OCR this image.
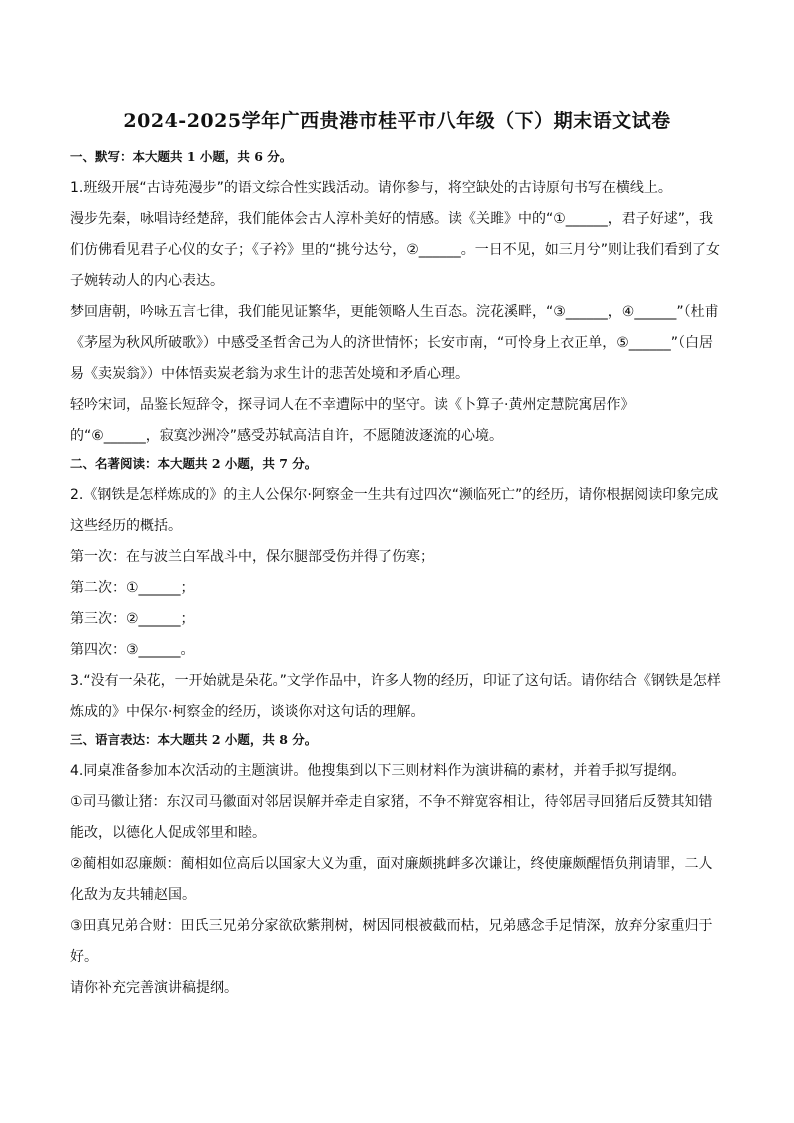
2024-2025学年广西贵港市桂平市八年级（下）期末语文试卷
一、默写：本大题共 1 小题，共 6 分。

1.班级开展“古诗苑漫步”的语文综合性实践活动。请你参与，将空缺处的古诗原句书写在横线上。

漫步先秦，咏唱诗经楚辞，我们能体会古人淳朴美好的情感。读《关雎》中的“①______，君子好逑”，我们仿佛看见君子心仪的女子；《子衿》里的“挑兮达兮，②______。一日不见，如三月兮”则让我们看到了女子婉转动人的内心表达。

梦回唐朝，吟咏五言七律，我们能见证繁华，更能领略人生百态。浣花溪畔，“③______，④______”（杜甫《茅屋为秋风所破歌》）中感受圣哲舍己为人的济世情怀；长安市南，“可怜身上衣正单，⑤______”（白居易《卖炭翁》）中体悟卖炭老翁为求生计的悲苦处境和矛盾心理。

轻吟宋词，品鉴长短辞令，探寻词人在不幸遭际中的坚守。读《卜算子·黄州定慧院寓居作》的“⑥______，寂寞沙洲冷”感受苏轼高洁自许，不愿随波逐流的心境。

二、名著阅读：本大题共 2 小题，共 7 分。

2.《钢铁是怎样炼成的》的主人公保尔·阿察金一生共有过四次“濒临死亡”的经历，请你根据阅读印象完成这些经历的概括。

第一次：在与波兰白军战斗中，保尔腿部受伤并得了伤寒；

第二次：①______；

第三次：②______；

第四次：③______。

3.“没有一朵花，一开始就是朵花。”文学作品中，许多人物的经历，印证了这句话。请你结合《钢铁是怎样炼成的》中保尔·柯察金的经历，谈谈你对这句话的理解。

三、语言表达：本大题共 2 小题，共 8 分。

4.同桌准备参加本次活动的主题演讲。他搜集到以下三则材料作为演讲稿的素材，并着手拟写提纲。

①司马徽让猪：东汉司马徽面对邻居误解并牵走自家猪，不争不辩宽容相让，待邻居寻回猪后反赞其知错能改，以德化人促成邻里和睦。

②蔺相如忍廉颇：蔺相如位高后以国家大义为重，面对廉颇挑衅多次谦让，终使廉颇醒悟负荆请罪，二人化敌为友共辅赵国。

③田真兄弟合财：田氏三兄弟分家欲砍紫荆树，树因同根被截而枯，兄弟感念手足情深，放弃分家重归于好。

请你补充完善演讲稿提纲。
